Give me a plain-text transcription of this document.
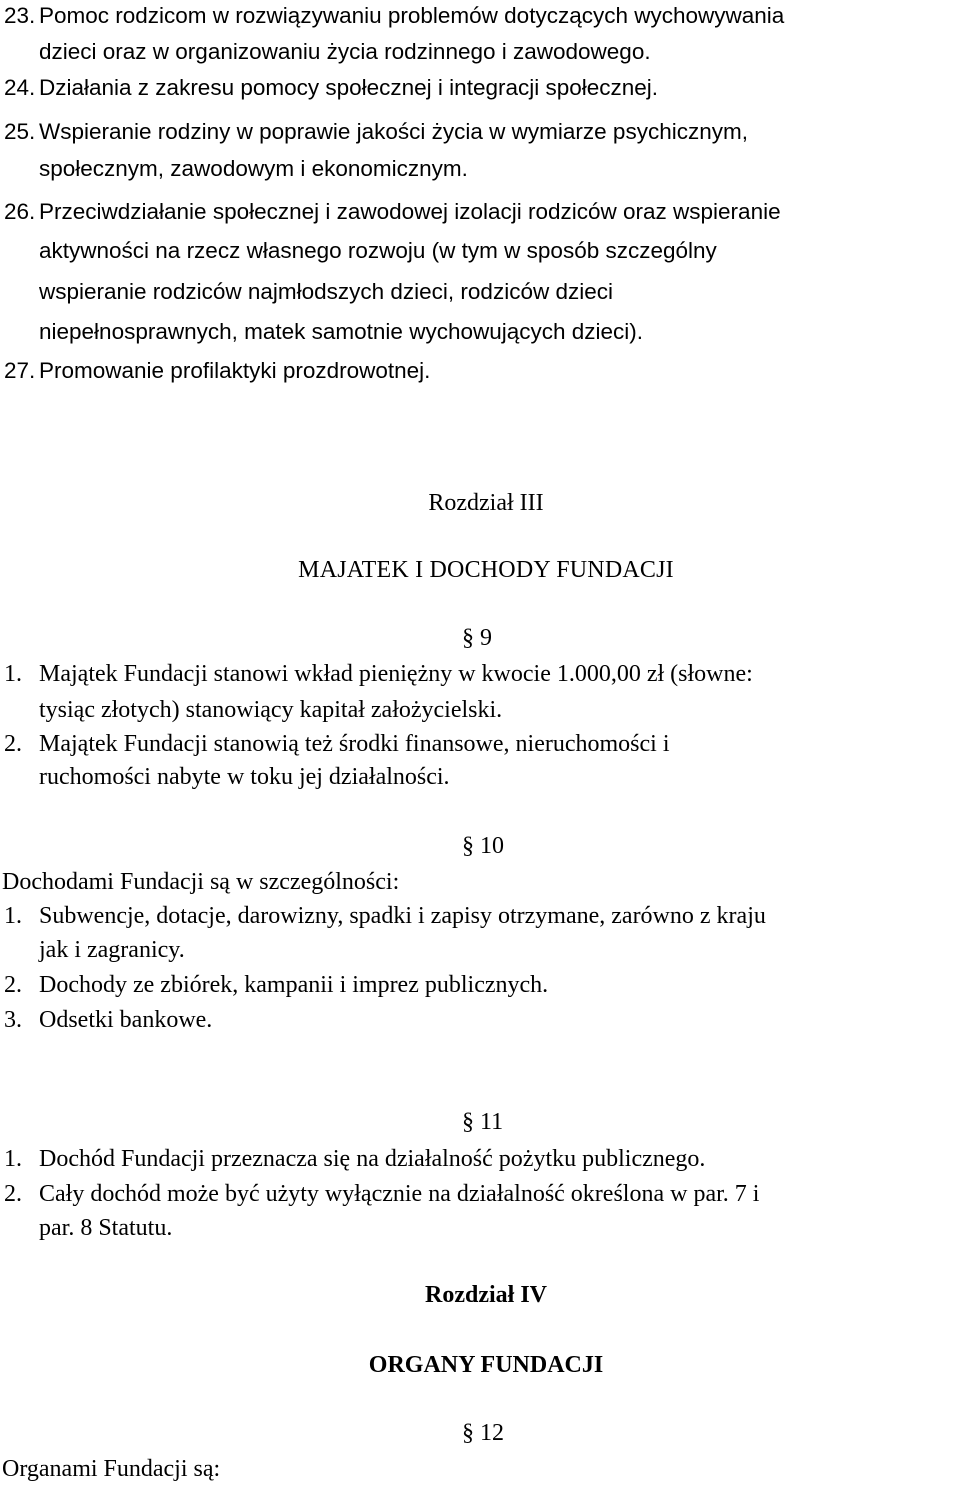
23. Pomoc rodzicom w rozwiązywaniu problemów dotyczących wychowywania
dzieci oraz w organizowaniu życia rodzinnego i zawodowego.
24. Działania z zakresu pomocy społecznej i integracji społecznej.
25. Wspieranie rodziny w poprawie jakości życia w wymiarze psychicznym,
społecznym, zawodowym i ekonomicznym.
26. Przeciwdziałanie społecznej i zawodowej izolacji rodziców oraz wspieranie
aktywności na rzecz własnego rozwoju (w tym w sposób szczególny
wspieranie rodziców najmłodszych dzieci, rodziców dzieci
niepełnosprawnych, matek samotnie wychowujących dzieci).
27. Promowanie profilaktyki prozdrowotnej.
Rozdział III
MAJATEK I DOCHODY FUNDACJI
§ 9
1. Majątek Fundacji stanowi wkład pieniężny w kwocie 1.000,00 zł (słowne:
tysiąc złotych) stanowiący kapitał założycielski.
2. Majątek Fundacji stanowią też środki finansowe, nieruchomości i
ruchomości nabyte w toku jej działalności.
§ 10
Dochodami Fundacji są w szczególności:
1. Subwencje, dotacje, darowizny, spadki i zapisy otrzymane, zarówno z kraju
jak i zagranicy.
2. Dochody ze zbiórek, kampanii i imprez publicznych.
3. Odsetki bankowe.
§ 11
1. Dochód Fundacji przeznacza się na działalność pożytku publicznego.
2. Cały dochód może być użyty wyłącznie na działalność określona w par. 7 i
par. 8 Statutu.
Rozdział IV
ORGANY FUNDACJI
§ 12
Organami Fundacji są:
